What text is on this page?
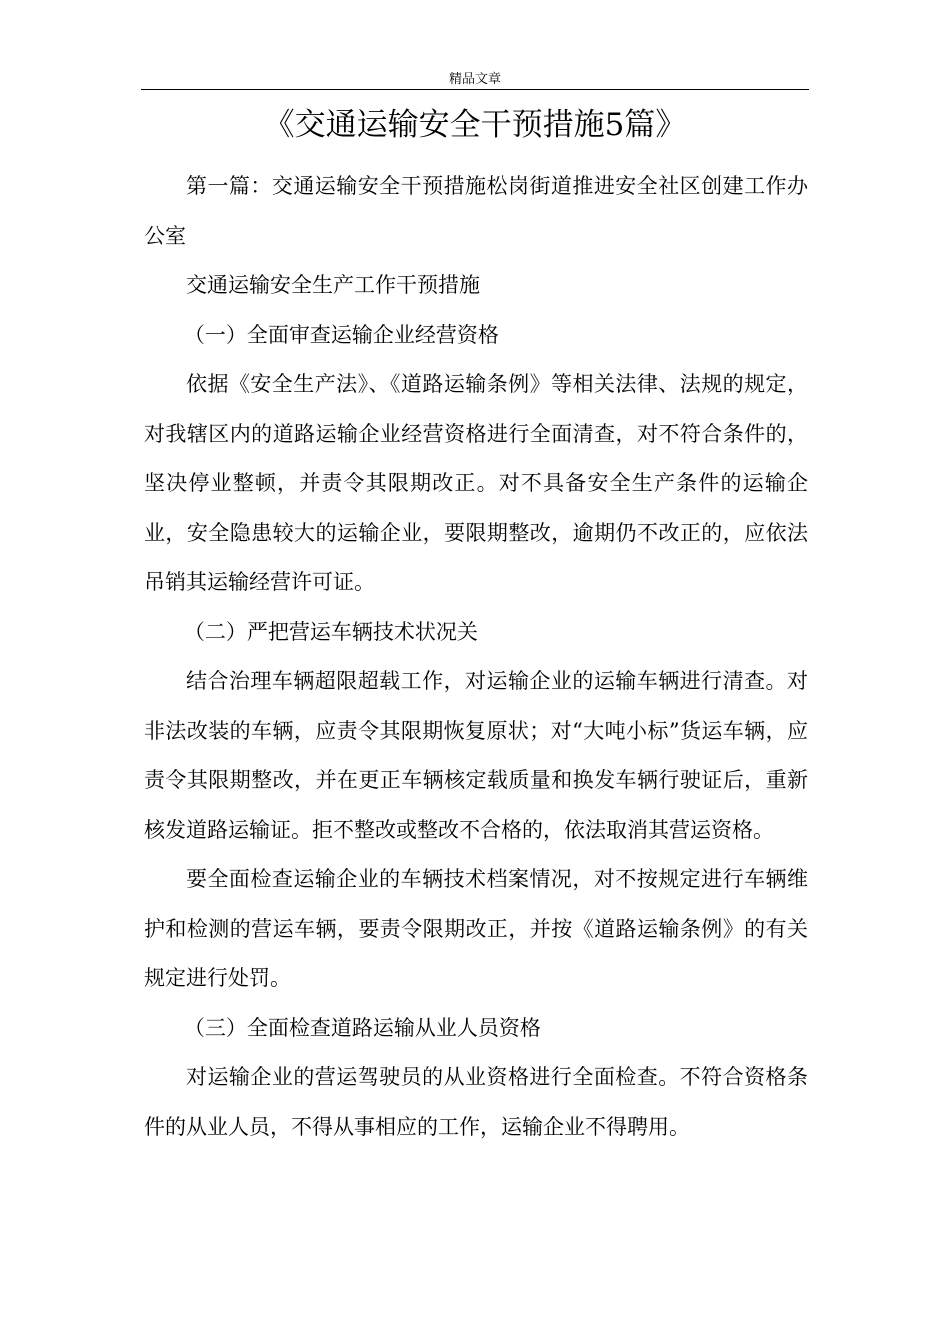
精品文章
《交通运输安全干预措施5篇》

第一篇：交通运输安全干预措施松岗街道推进安全社区创建工作办公室

交通运输安全生产工作干预措施

（一）全面审查运输企业经营资格

依据《安全生产法》、《道路运输条例》等相关法律、法规的规定，对我辖区内的道路运输企业经营资格进行全面清查，对不符合条件的，坚决停业整顿，并责令其限期改正。对不具备安全生产条件的运输企业，安全隐患较大的运输企业，要限期整改，逾期仍不改正的，应依法吊销其运输经营许可证。

（二）严把营运车辆技术状况关

结合治理车辆超限超载工作，对运输企业的运输车辆进行清查。对非法改装的车辆，应责令其限期恢复原状；对“大吨小标”货运车辆，应责令其限期整改，并在更正车辆核定载质量和换发车辆行驶证后，重新核发道路运输证。拒不整改或整改不合格的，依法取消其营运资格。

要全面检查运输企业的车辆技术档案情况，对不按规定进行车辆维护和检测的营运车辆，要责令限期改正，并按《道路运输条例》的有关规定进行处罚。

（三）全面检查道路运输从业人员资格

对运输企业的营运驾驶员的从业资格进行全面检查。不符合资格条件的从业人员，不得从事相应的工作，运输企业不得聘用。
